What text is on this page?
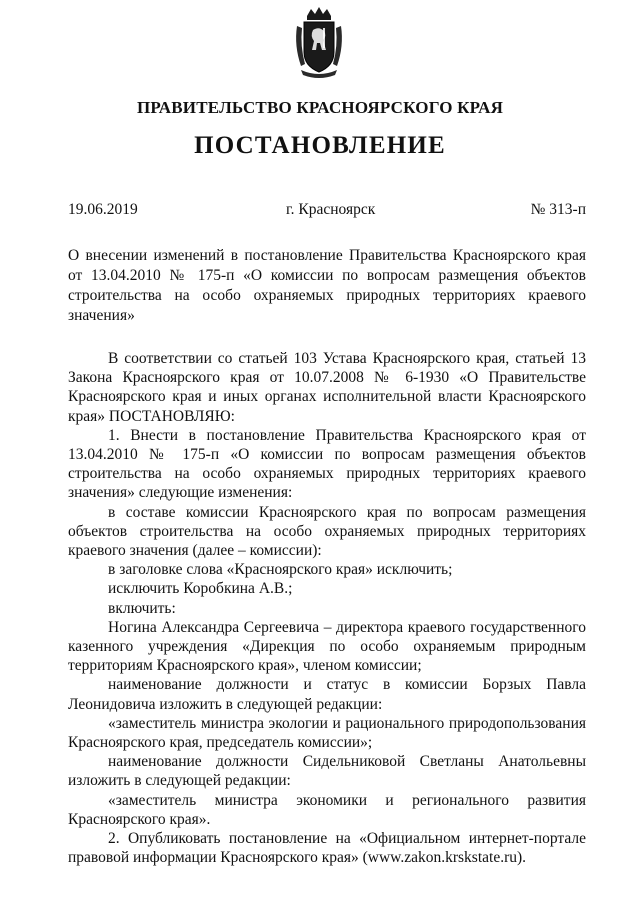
ПРАВИТЕЛЬСТВО КРАСНОЯРСКОГО КРАЯ
ПОСТАНОВЛЕНИЕ
19.06.2019	г. Красноярск	№ 313-п
О внесении изменений в постановление Правительства Красноярского края от 13.04.2010 № 175-п «О комиссии по вопросам размещения объектов строительства на особо охраняемых природных территориях краевого значения»

В соответствии со статьей 103 Устава Красноярского края, статьей 13 Закона Красноярского края от 10.07.2008 № 6-1930 «О Правительстве Красноярского края и иных органах исполнительной власти Красноярского края» ПОСТАНОВЛЯЮ:

1. Внести в постановление Правительства Красноярского края от 13.04.2010 № 175-п «О комиссии по вопросам размещения объектов строительства на особо охраняемых природных территориях краевого значения» следующие изменения:

в составе комиссии Красноярского края по вопросам размещения объектов строительства на особо охраняемых природных территориях краевого значения (далее – комиссии):

в заголовке слова «Красноярского края» исключить;

исключить Коробкина А.В.;

включить:

Ногина Александра Сергеевича – директора краевого государственного казенного учреждения «Дирекция по особо охраняемым природным территориям Красноярского края», членом комиссии;

наименование должности и статус в комиссии Борзых Павла Леонидовича изложить в следующей редакции:

«заместитель министра экологии и рационального природопользования Красноярского края, председатель комиссии»;

наименование должности Сидельниковой Светланы Анатольевны изложить в следующей редакции:

«заместитель министра экономики и регионального развития Красноярского края».

2. Опубликовать постановление на «Официальном интернет-портале правовой информации Красноярского края» (www.zakon.krskstate.ru).
